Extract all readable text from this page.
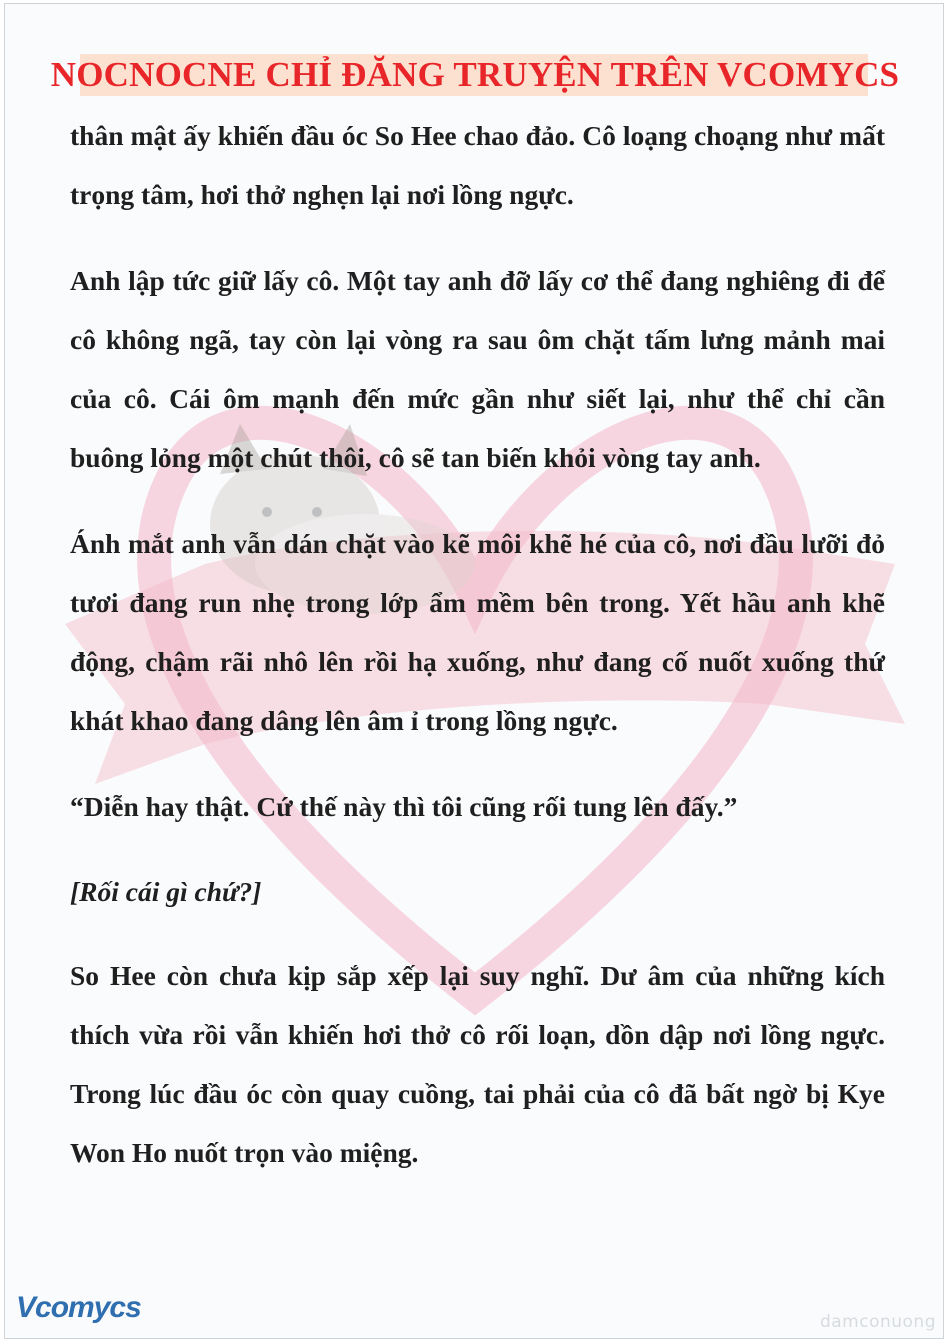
NOCNOCNE CHỈ ĐĂNG TRUYỆN TRÊN VCOMYCS

thân mật ấy khiến đầu óc So Hee chao đảo. Cô loạng choạng như mất trọng tâm, hơi thở nghẹn lại nơi lồng ngực.

Anh lập tức giữ lấy cô. Một tay anh đỡ lấy cơ thể đang nghiêng đi để cô không ngã, tay còn lại vòng ra sau ôm chặt tấm lưng mảnh mai của cô. Cái ôm mạnh đến mức gần như siết lại, như thể chỉ cần buông lỏng một chút thôi, cô sẽ tan biến khỏi vòng tay anh.

Ánh mắt anh vẫn dán chặt vào kẽ môi khẽ hé của cô, nơi đầu lưỡi đỏ tươi đang run nhẹ trong lớp ẩm mềm bên trong. Yết hầu anh khẽ động, chậm rãi nhô lên rồi hạ xuống, như đang cố nuốt xuống thứ khát khao đang dâng lên âm ỉ trong lồng ngực.

“Diễn hay thật. Cứ thế này thì tôi cũng rối tung lên đấy.”

[Rối cái gì chứ?]

So Hee còn chưa kịp sắp xếp lại suy nghĩ. Dư âm của những kích thích vừa rồi vẫn khiến hơi thở cô rối loạn, dồn dập nơi lồng ngực. Trong lúc đầu óc còn quay cuồng, tai phải của cô đã bất ngờ bị Kye Won Ho nuốt trọn vào miệng.

Vcomycs	damconuong
